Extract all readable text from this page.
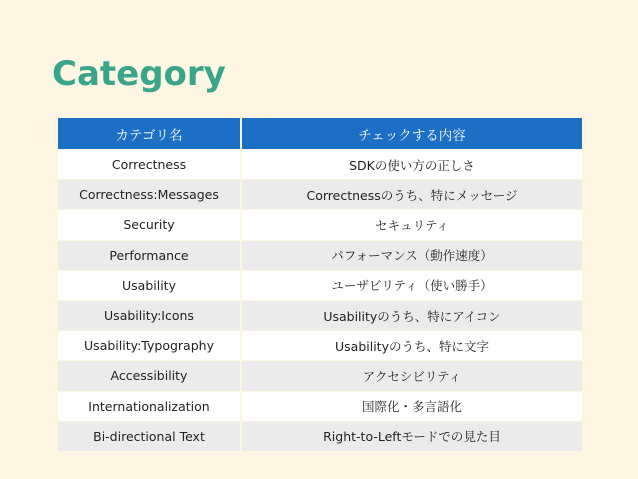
Category
カテゴリ名	チェックする内容
Correctness	SDKの使い方の正しさ
Correctness:Messages	Correctnessのうち、特にメッセージ
Security	セキュリティ
Performance	パフォーマンス（動作速度）
Usability	ユーザビリティ（使い勝手）
Usability:Icons	Usabilityのうち、特にアイコン
Usability:Typography	Usabilityのうち、特に文字
Accessibility	アクセシビリティ
Internationalization	国際化・多言語化
Bi-directional Text	Right-to-Leftモードでの見た目
